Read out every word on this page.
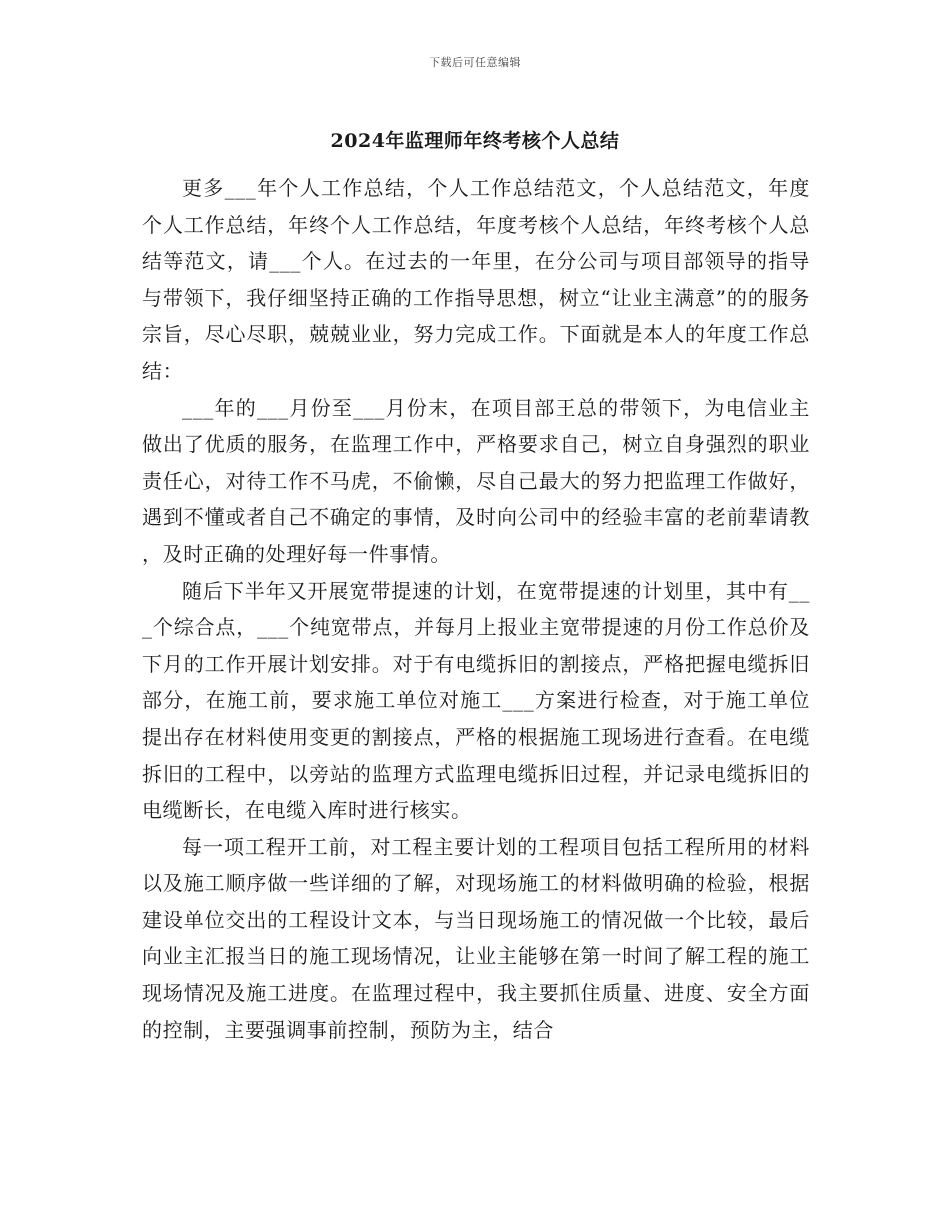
下载后可任意编辑
2024年监理师年终考核个人总结

更多___年个人工作总结，个人工作总结范文，个人总结范文，年度个人工作总结，年终个人工作总结，年度考核个人总结，年终考核个人总结等范文，请___个人。在过去的一年里，在分公司与项目部领导的指导与带领下，我仔细坚持正确的工作指导思想，树立“让业主满意”的的服务宗旨，尽心尽职，兢兢业业，努力完成工作。下面就是本人的年度工作总结：

___年的___月份至___月份末，在项目部王总的带领下，为电信业主做出了优质的服务，在监理工作中，严格要求自己，树立自身强烈的职业责任心，对待工作不马虎，不偷懒，尽自己最大的努力把监理工作做好，遇到不懂或者自己不确定的事情，及时向公司中的经验丰富的老前辈请教，及时正确的处理好每一件事情。

随后下半年又开展宽带提速的计划，在宽带提速的计划里，其中有___个综合点，___个纯宽带点，并每月上报业主宽带提速的月份工作总价及下月的工作开展计划安排。对于有电缆拆旧的割接点，严格把握电缆拆旧部分，在施工前，要求施工单位对施工___方案进行检查，对于施工单位提出存在材料使用变更的割接点，严格的根据施工现场进行查看。在电缆拆旧的工程中，以旁站的监理方式监理电缆拆旧过程，并记录电缆拆旧的电缆断长，在电缆入库时进行核实。

每一项工程开工前，对工程主要计划的工程项目包括工程所用的材料以及施工顺序做一些详细的了解，对现场施工的材料做明确的检验，根据建设单位交出的工程设计文本，与当日现场施工的情况做一个比较，最后向业主汇报当日的施工现场情况，让业主能够在第一时间了解工程的施工现场情况及施工进度。在监理过程中，我主要抓住质量、进度、安全方面的控制，主要强调事前控制，预防为主，结合
